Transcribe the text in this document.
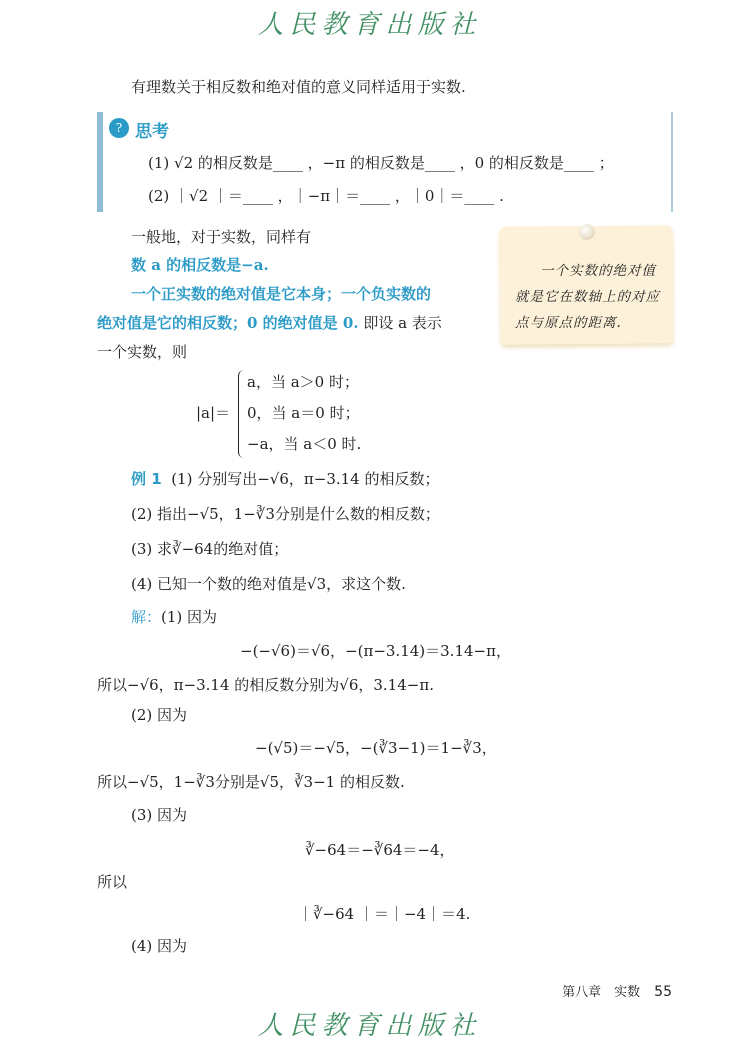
人民教育出版社
有理数关于相反数和绝对值的意义同样适用于实数.
? 思考
(1) √2 的相反数是____ ，−π 的相反数是____ ，0 的相反数是____ ；
(2) ｜√2 ｜＝____ ，｜−π｜＝____ ，｜0｜＝____ .
一般地，对于实数，同样有
数 a 的相反数是−a.
一个正实数的绝对值是它本身；一个负实数的
绝对值是它的相反数；0 的绝对值是 0. 即设 a 表示
一个实数，则
|a|＝
a，当 a＞0 时；
0，当 a＝0 时；
−a，当 a＜0 时.
一个实数的绝对值
就是它在数轴上的对应
点与原点的距离.
例 1  (1) 分别写出−√6，π−3.14 的相反数；
(2) 指出−√5，1−∛3分别是什么数的相反数；
(3) 求∛−64的绝对值；
(4) 已知一个数的绝对值是√3，求这个数.
解：(1) 因为
−(−√6)＝√6，−(π−3.14)＝3.14−π，
所以−√6，π−3.14 的相反数分别为√6，3.14−π.
(2) 因为
−(√5)＝−√5，−(∛3−1)＝1−∛3，
所以−√5，1−∛3分别是√5，∛3−1 的相反数.
(3) 因为
∛−64＝−∛64＝−4，
所以
｜∛−64 ｜＝｜−4｜＝4.
(4) 因为
第八章　实数 55
人民教育出版社
